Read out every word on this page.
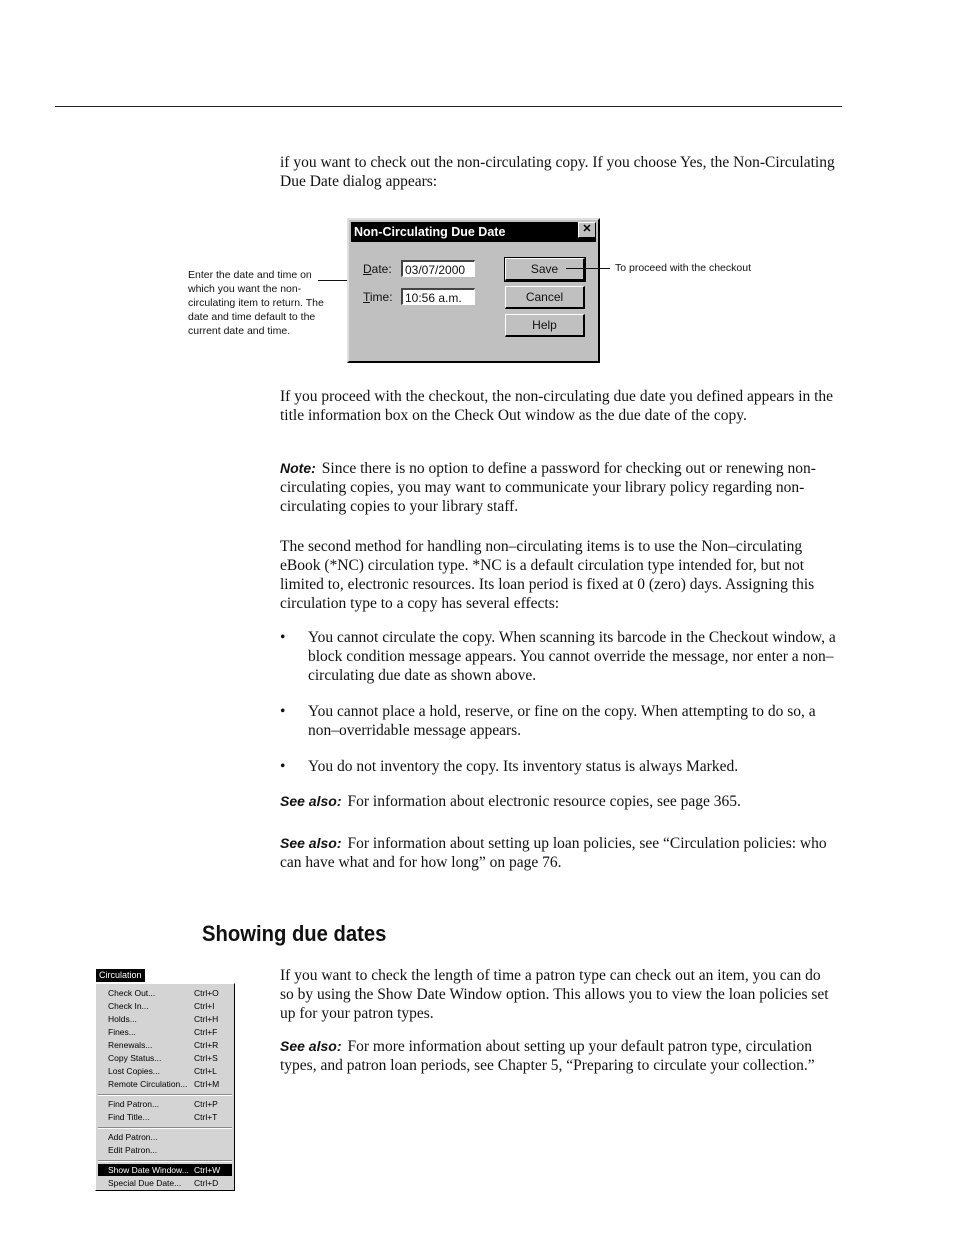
if you want to check out the non-circulating copy. If you choose Yes, the Non-Circulating Due Date dialog appears:

Enter the date and time on which you want the non-circulating item to return. The date and time default to the current date and time.
Non-Circulating Due Date	✕
Date:	03/07/2000
Time:	10:56 a.m.
Save
Cancel
Help
To proceed with the checkout

If you proceed with the checkout, the non-circulating due date you defined appears in the title information box on the Check Out window as the due date of the copy.

Note: Since there is no option to define a password for checking out or renewing non-circulating copies, you may want to communicate your library policy regarding non-circulating copies to your library staff.

The second method for handling non–circulating items is to use the Non–circulating eBook (*NC) circulation type. *NC is a default circulation type intended for, but not limited to, electronic resources. Its loan period is fixed at 0 (zero) days. Assigning this circulation type to a copy has several effects:

• You cannot circulate the copy. When scanning its barcode in the Checkout window, a block condition message appears. You cannot override the message, nor enter a non–circulating due date as shown above.
• You cannot place a hold, reserve, or fine on the copy. When attempting to do so, a non–overridable message appears.
• You do not inventory the copy. Its inventory status is always Marked.
See also: For information about electronic resource copies, see page 365.
See also: For information about setting up loan policies, see “Circulation policies: who can have what and for how long” on page 76.
Showing due dates
Circulation
Check Out...	Ctrl+O
Check In...	Ctrl+I
Holds...	Ctrl+H
Fines...	Ctrl+F
Renewals...	Ctrl+R
Copy Status...	Ctrl+S
Lost Copies...	Ctrl+L
Remote Circulation... Ctrl+M
Find Patron...	Ctrl+P
Find Title...	Ctrl+T
Add Patron...
Edit Patron...
Show Date Window... Ctrl+W
Special Due Date... Ctrl+D

If you want to check the length of time a patron type can check out an item, you can do so by using the Show Date Window option. This allows you to view the loan policies set up for your patron types.

See also: For more information about setting up your default patron type, circulation types, and patron loan periods, see Chapter 5, “Preparing to circulate your collection.”
